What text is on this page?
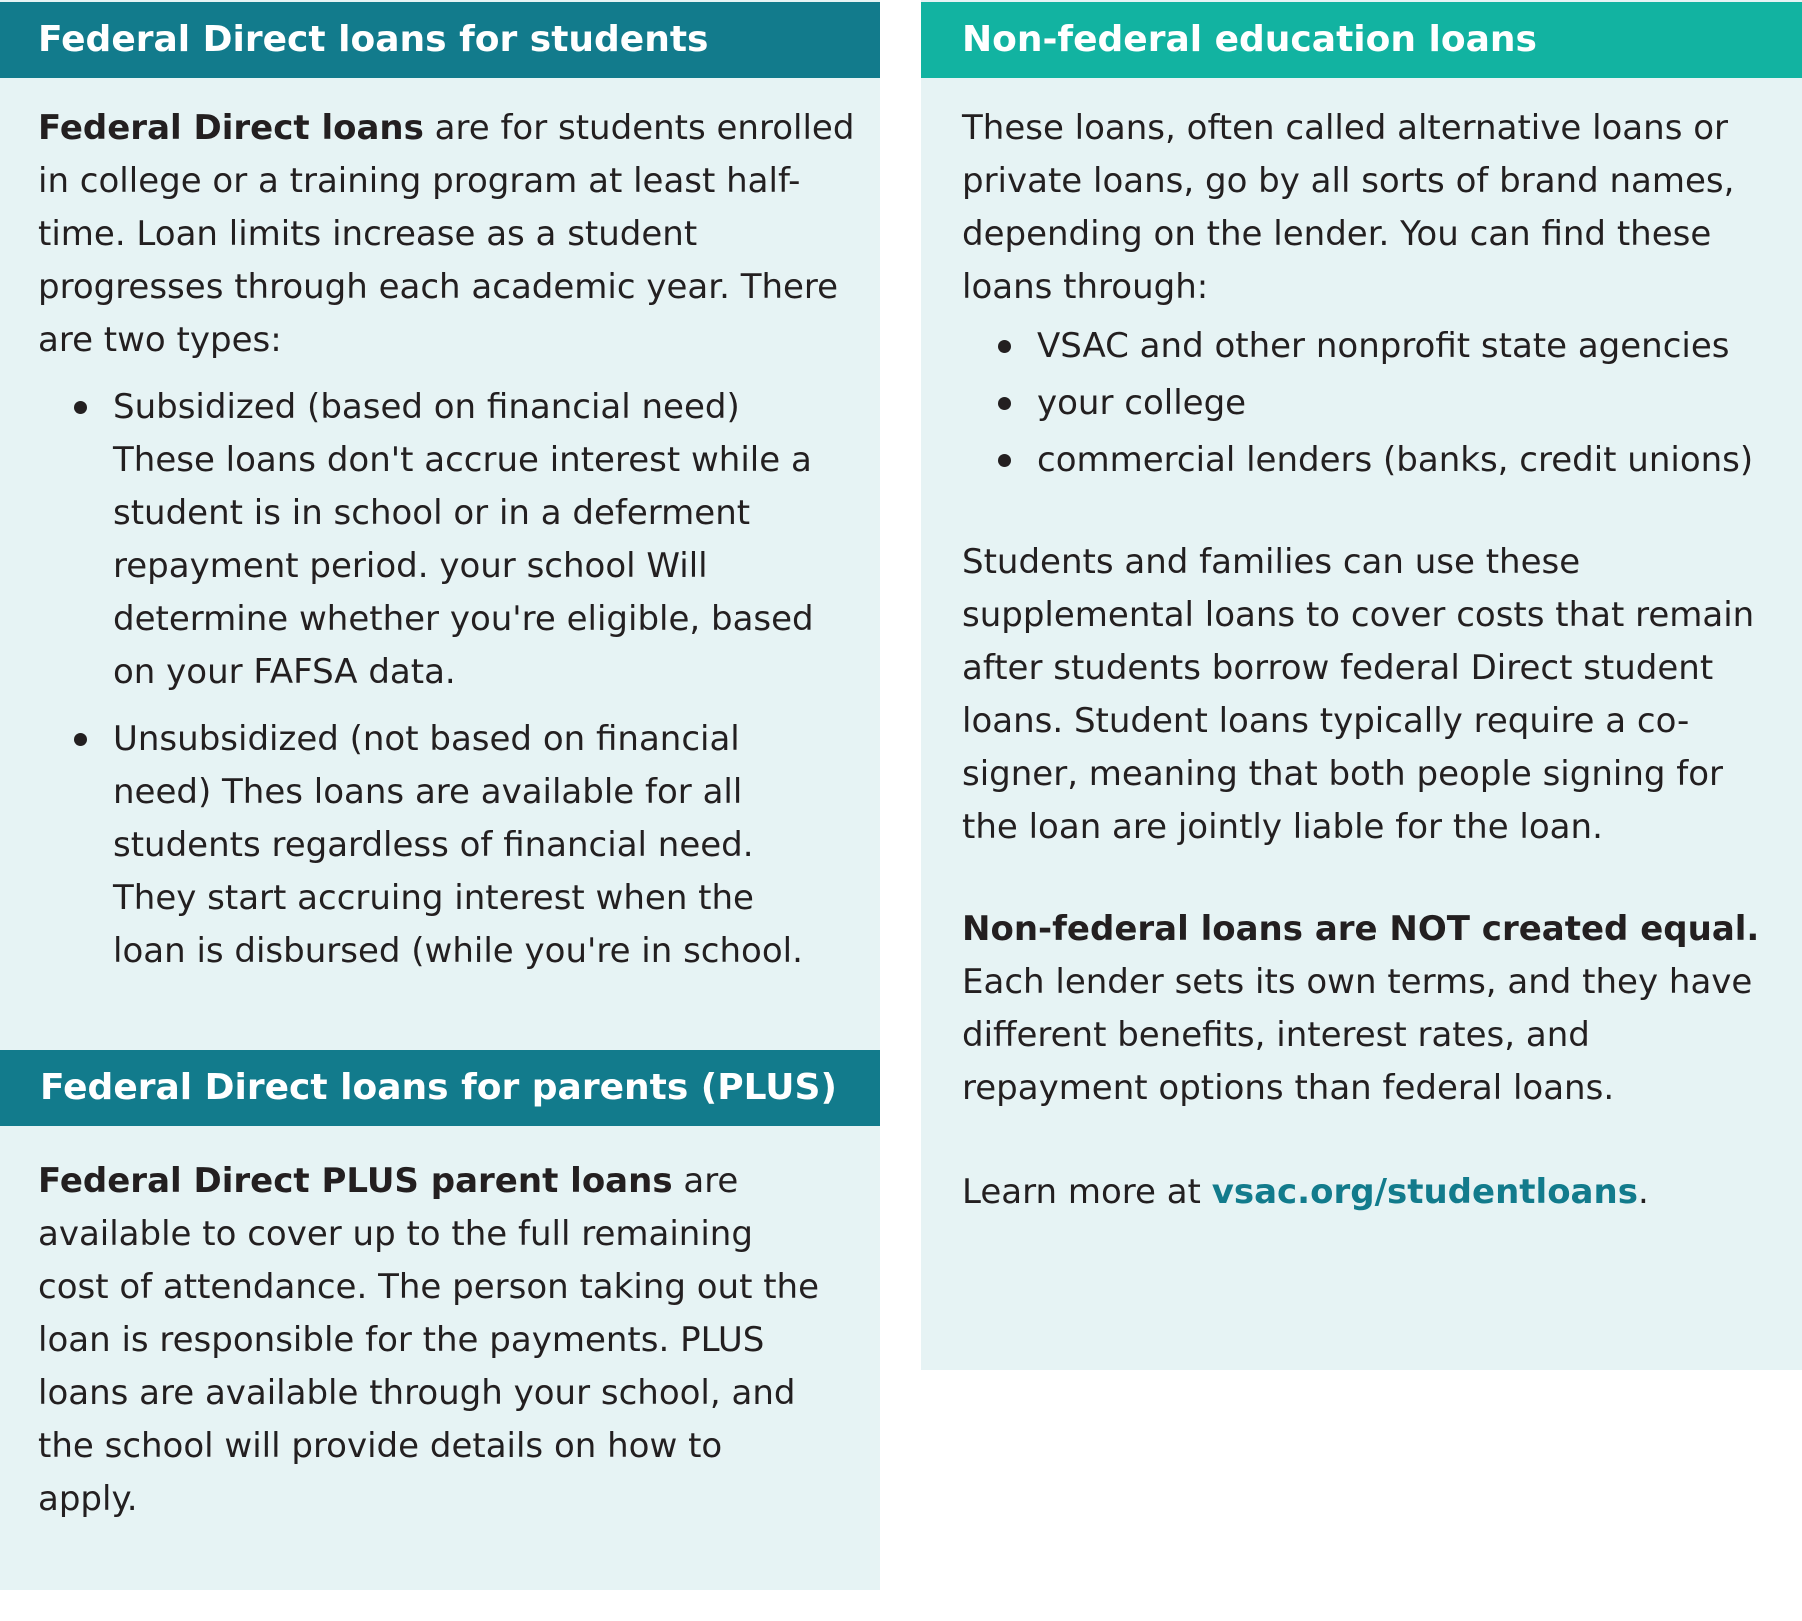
Federal Direct loans for students

Federal Direct loans are for students enrolled in college or a training program at least half-time. Loan limits increase as a student progresses through each academic year. There are two types:

Subsidized (based on financial need) These loans don't accrue interest while a student is in school or in a deferment repayment period. your school Will determine whether you're eligible, based on your FAFSA data.
Unsubsidized (not based on financial need) Thes loans are available for all students regardless of financial need. They start accruing interest when the loan is disbursed (while you're in school.
Federal Direct loans for parents (PLUS)

Federal Direct PLUS parent loans are available to cover up to the full remaining cost of attendance. The person taking out the loan is responsible for the payments. PLUS loans are available through your school, and the school will provide details on how to apply.

Non-federal education loans

These loans, often called alternative loans or private loans, go by all sorts of brand names, depending on the lender. You can find these loans through:

VSAC and other nonprofit state agencies
your college
commercial lenders (banks, credit unions)

Students and families can use these supplemental loans to cover costs that remain after students borrow federal Direct student loans. Student loans typically require a co-signer, meaning that both people signing for the loan are jointly liable for the loan.

Non-federal loans are NOT created equal.
Each lender sets its own terms, and they have different benefits, interest rates, and repayment options than federal loans.

Learn more at vsac.org/studentloans.
